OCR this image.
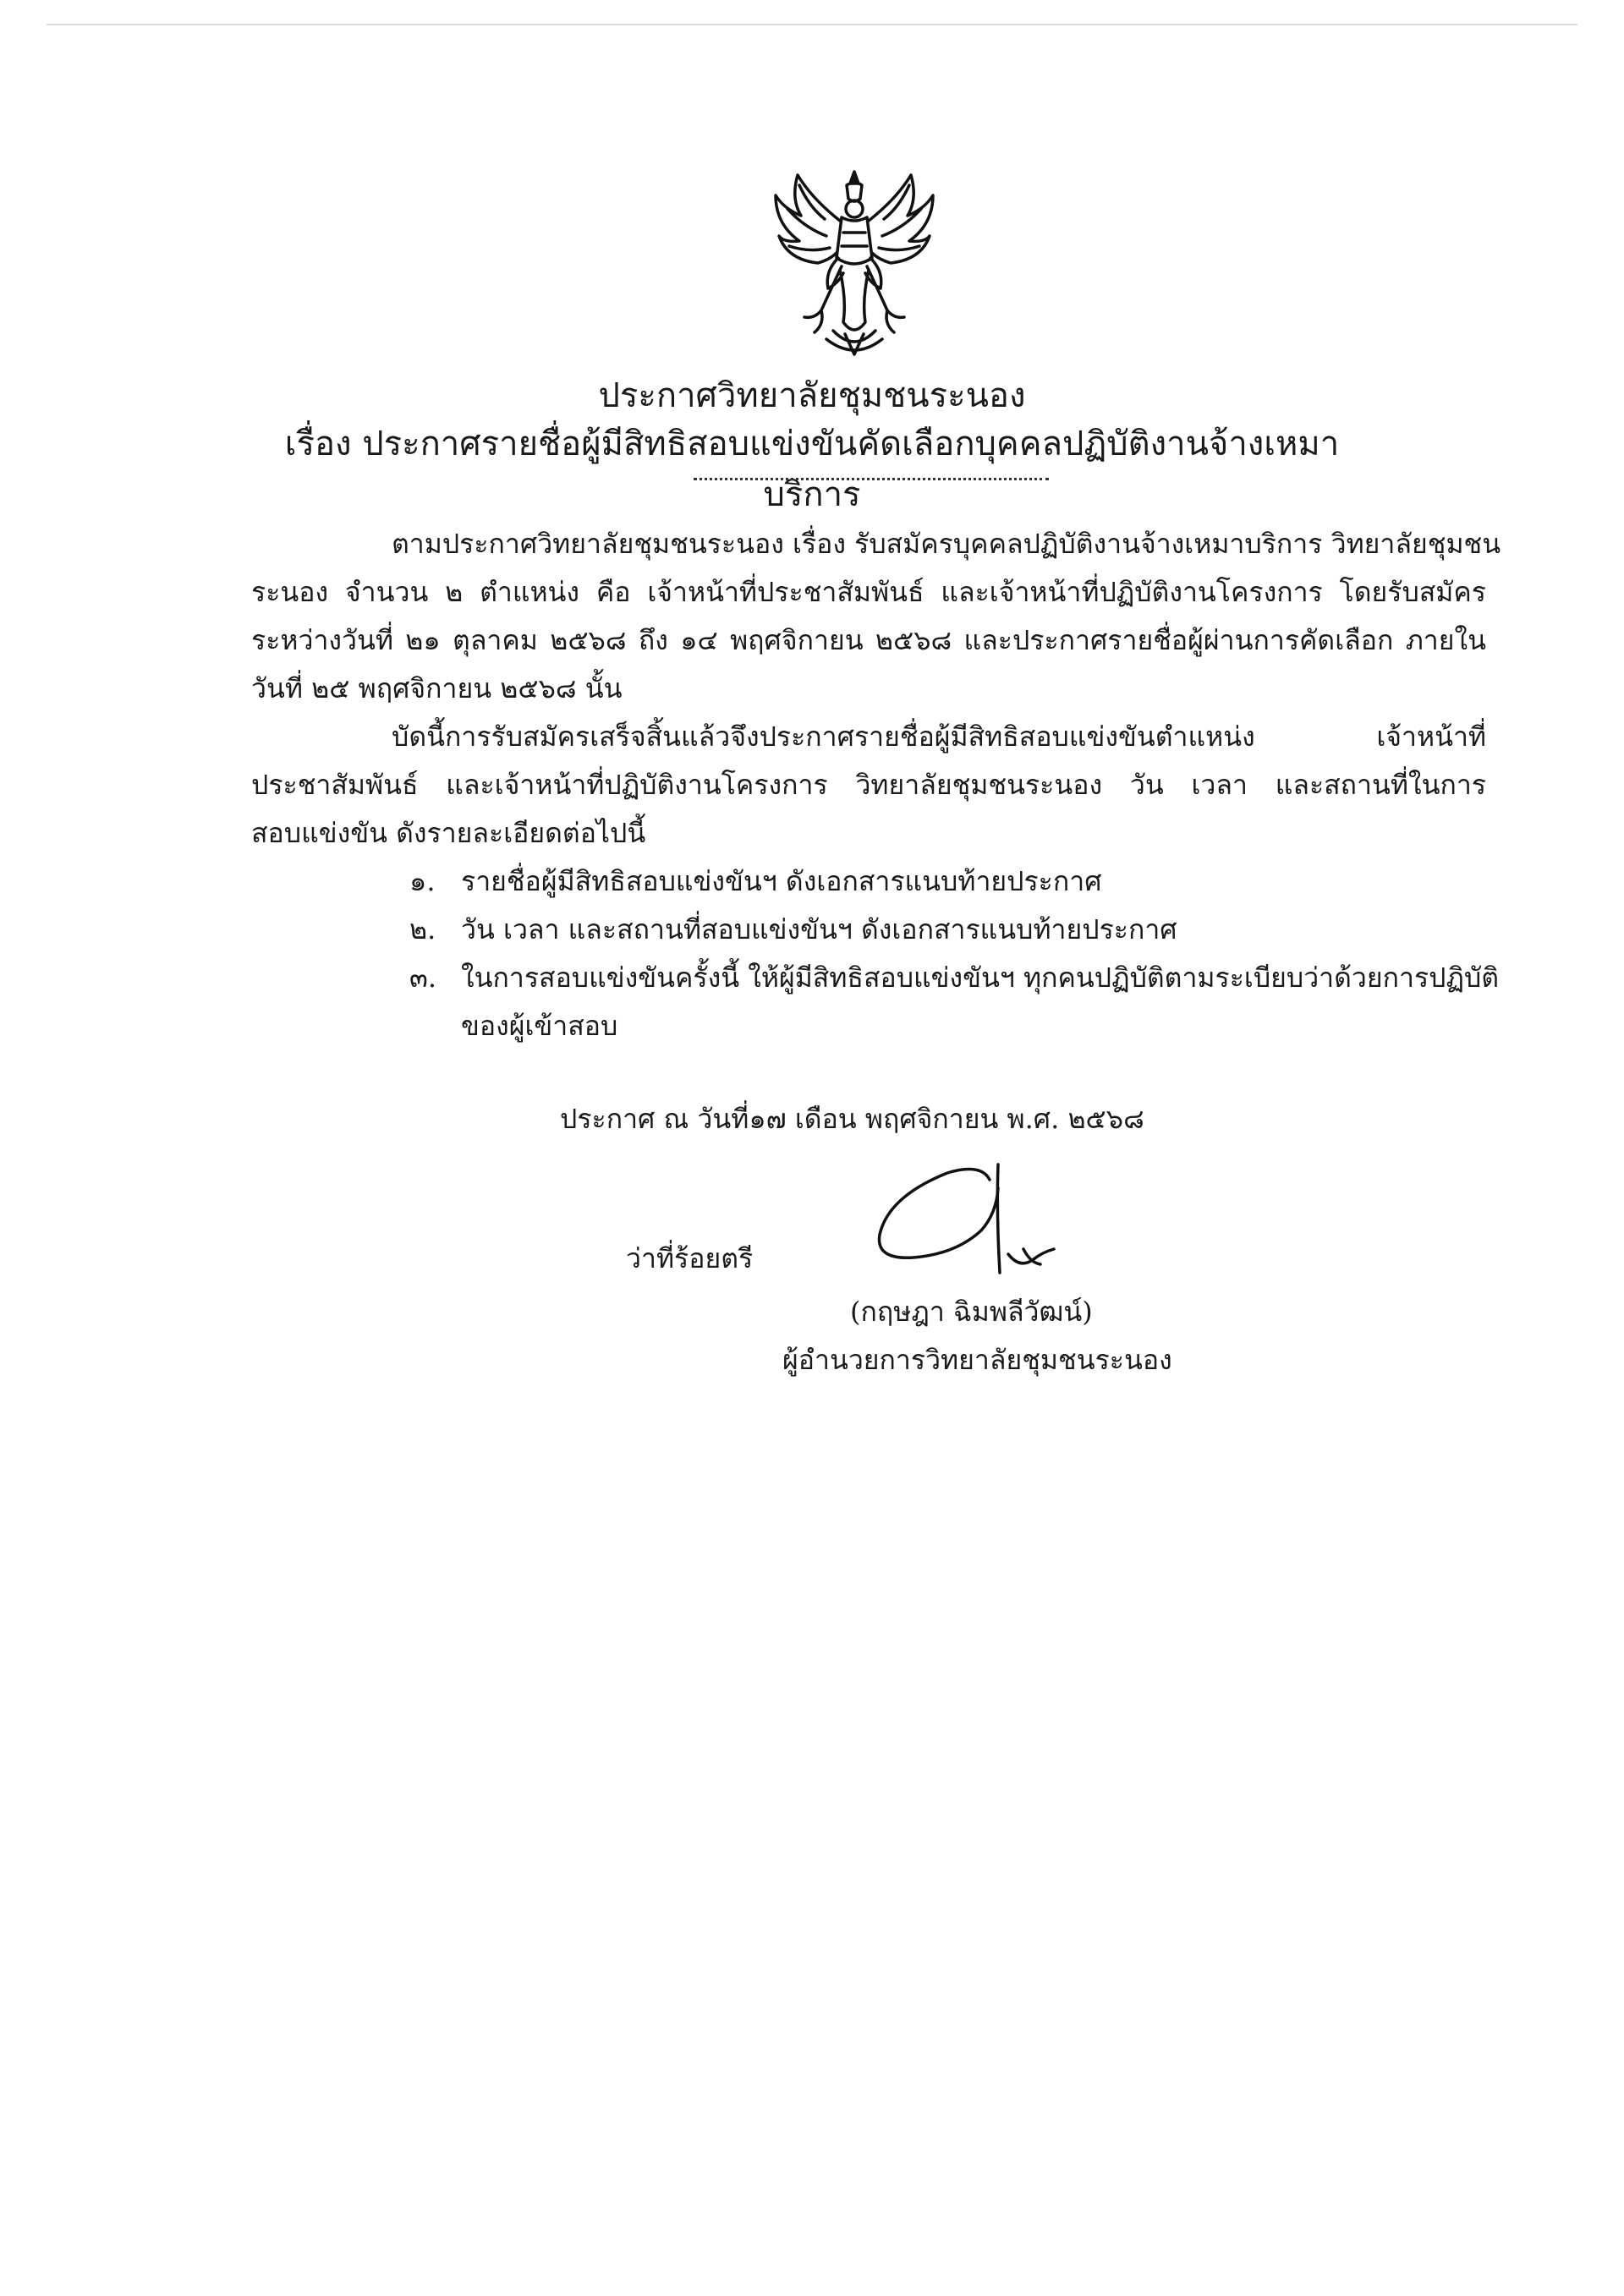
ประกาศวิทยาลัยชุมชนระนอง
เรื่อง ประกาศรายชื่อผู้มีสิทธิสอบแข่งขันคัดเลือกบุคคลปฏิบัติงานจ้างเหมาบริการ
ตามประกาศวิทยาลัยชุมชนระนอง เรื่อง รับสมัครบุคคลปฏิบัติงานจ้างเหมาบริการ วิทยาลัยชุมชน
ระนอง จำนวน ๒ ตำแหน่ง คือ เจ้าหน้าที่ประชาสัมพันธ์ และเจ้าหน้าที่ปฏิบัติงานโครงการ โดยรับสมัคร
ระหว่างวันที่ ๒๑ ตุลาคม ๒๕๖๘ ถึง ๑๔ พฤศจิกายน ๒๕๖๘ และประกาศรายชื่อผู้ผ่านการคัดเลือก ภายใน
วันที่ ๒๕ พฤศจิกายน ๒๕๖๘ นั้น
บัดนี้การรับสมัครเสร็จสิ้นแล้วจึงประกาศรายชื่อผู้มีสิทธิสอบแข่งขันตำแหน่ง เจ้าหน้าที่
ประชาสัมพันธ์ และเจ้าหน้าที่ปฏิบัติงานโครงการ วิทยาลัยชุมชนระนอง วัน เวลา และสถานที่ในการ
สอบแข่งขัน ดังรายละเอียดต่อไปนี้
๑. รายชื่อผู้มีสิทธิสอบแข่งขันฯ ดังเอกสารแนบท้ายประกาศ
๒. วัน เวลา และสถานที่สอบแข่งขันฯ ดังเอกสารแนบท้ายประกาศ
๓. ในการสอบแข่งขันครั้งนี้ ให้ผู้มีสิทธิสอบแข่งขันฯ ทุกคนปฏิบัติตามระเบียบว่าด้วยการปฏิบัติ
ของผู้เข้าสอบ
ประกาศ ณ วันที่๑๗ เดือน พฤศจิกายน พ.ศ. ๒๕๖๘
ว่าที่ร้อยตรี
(กฤษฎา ฉิมพลีวัฒน์)
ผู้อำนวยการวิทยาลัยชุมชนระนอง
